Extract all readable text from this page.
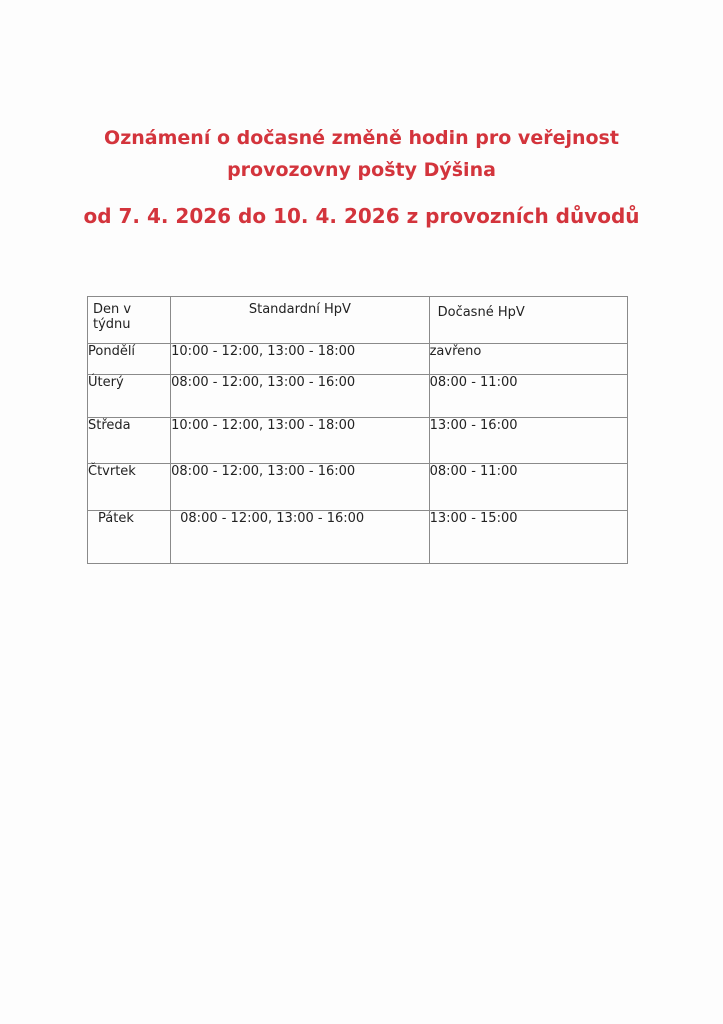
Oznámení o dočasné změně hodin pro veřejnost

provozovny pošty Dýšina

od 7. 4. 2026 do 10. 4. 2026 z provozních důvodů

Den v týdnu	Standardní HpV	Dočasné HpV
Pondělí	10:00 - 12:00, 13:00 - 18:00	zavřeno
Úterý	08:00 - 12:00, 13:00 - 16:00	08:00 - 11:00
Středa	10:00 - 12:00, 13:00 - 18:00	13:00 - 16:00
Čtvrtek	08:00 - 12:00, 13:00 - 16:00	08:00 - 11:00
Pátek	08:00 - 12:00, 13:00 - 16:00	13:00 - 15:00
